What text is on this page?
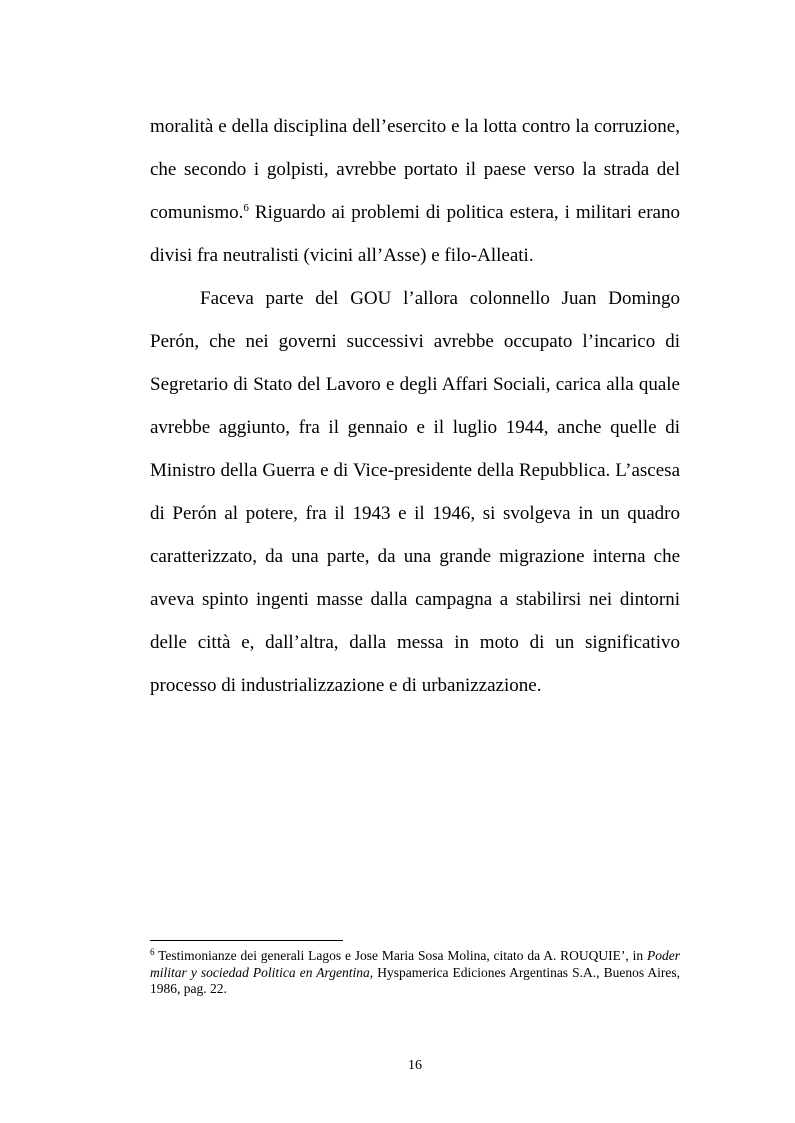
moralità e della disciplina dell’esercito e la lotta contro la corruzione, che secondo i golpisti, avrebbe portato il paese verso la strada del comunismo.$^6$ Riguardo ai problemi di politica estera, i militari erano divisi fra neutralisti (vicini all’Asse) e filo-Alleati.

Faceva parte del GOU l’allora colonnello Juan Domingo Perón, che nei governi successivi avrebbe occupato l’incarico di Segretario di Stato del Lavoro e degli Affari Sociali, carica alla quale avrebbe aggiunto, fra il gennaio e il luglio 1944, anche quelle di Ministro della Guerra e di Vice-presidente della Repubblica. L’ascesa di Perón al potere, fra il 1943 e il 1946, si svolgeva in un quadro caratterizzato, da una parte, da una grande migrazione interna che aveva spinto ingenti masse dalla campagna a stabilirsi nei dintorni delle città e, dall’altra, dalla messa in moto di un significativo processo di industrializzazione e di urbanizzazione.

$^6$ Testimonianze dei generali Lagos e Jose Maria Sosa Molina, citato da A. ROUQUIE’, in Poder militar y sociedad Politica en Argentina, Hyspamerica Ediciones Argentinas S.A., Buenos Aires, 1986, pag. 22.

16
